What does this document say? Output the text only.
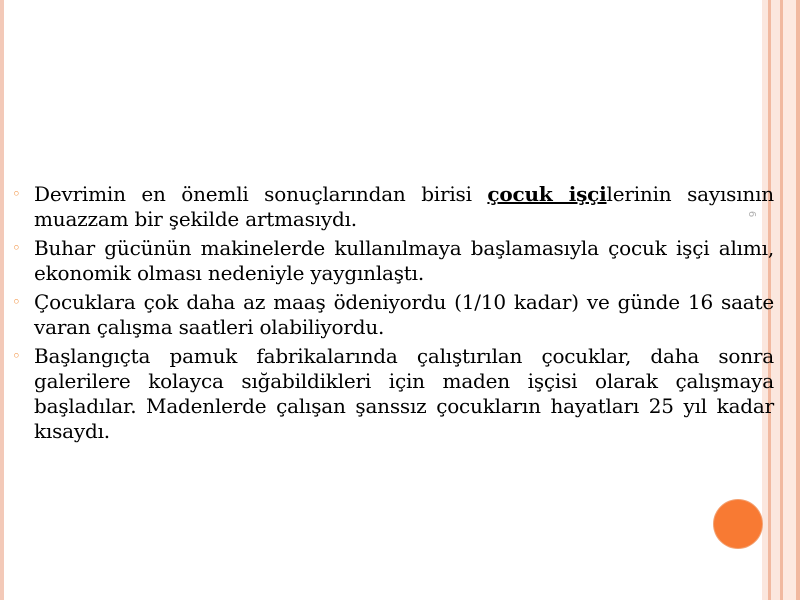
6
◦ Devrimin en önemli sonuçlarından birisi çocuk işçilerinin sayısının muazzam bir şekilde artmasıydı.
◦ Buhar gücünün makinelerde kullanılmaya başlamasıyla çocuk işçi alımı, ekonomik olması nedeniyle yaygınlaştı.
◦ Çocuklara çok daha az maaş ödeniyordu (1/10 kadar) ve günde 16 saate varan çalışma saatleri olabiliyordu.
◦ Başlangıçta pamuk fabrikalarında çalıştırılan çocuklar, daha sonra galerilere kolayca sığabildikleri için maden işçisi olarak çalışmaya başladılar. Madenlerde çalışan şanssız çocukların hayatları 25 yıl kadar kısaydı.
